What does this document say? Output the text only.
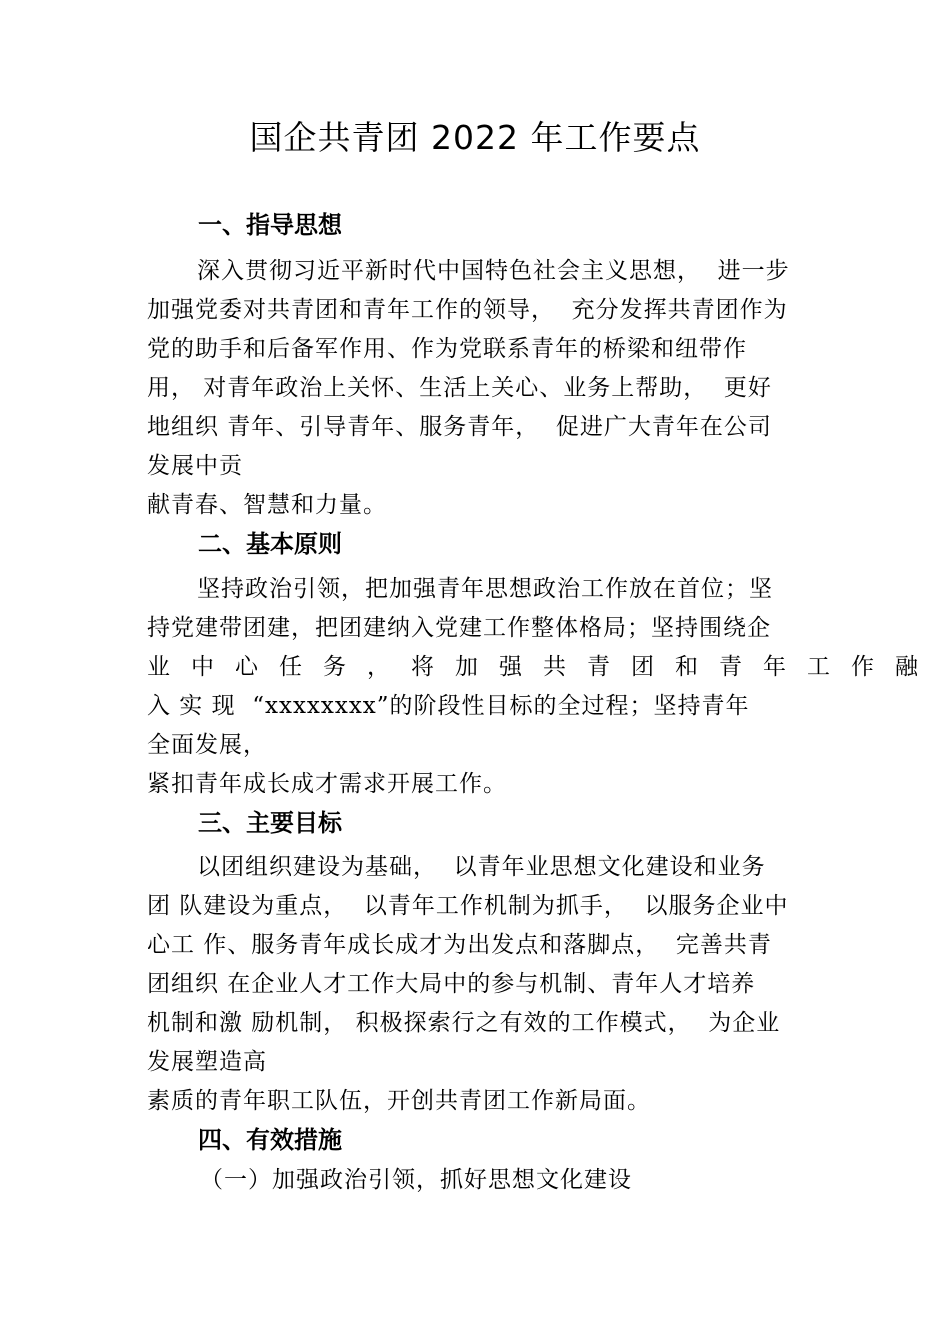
国企共青团 2022 年工作要点
一、指导思想
深入贯彻习近平新时代中国特色社会主义思想，  进一步
加强党委对共青团和青年工作的领导，  充分发挥共青团作为
党的助手和后备军作用、作为党联系青年的桥梁和纽带作
用， 对青年政治上关怀、生活上关心、业务上帮助，  更好
地组织 青年、引导青年、服务青年，  促进广大青年在公司
发展中贡
献青春、智慧和力量。
二、基本原则
坚持政治引领，把加强青年思想政治工作放在首位；坚
持党建带团建，把团建纳入党建工作整体格局；坚持围绕企
业中心任务，将加强共青团和青年工作融
入 实 现  “xxxxxxxx”的阶段性目标的全过程；坚持青年
全面发展，
紧扣青年成长成才需求开展工作。
三、主要目标
以团组织建设为基础，  以青年业思想文化建设和业务
团 队建设为重点，  以青年工作机制为抓手，  以服务企业中
心工 作、服务青年成长成才为出发点和落脚点，  完善共青
团组织 在企业人才工作大局中的参与机制、青年人才培养
机制和激 励机制， 积极探索行之有效的工作模式，  为企业
发展塑造高
素质的青年职工队伍，开创共青团工作新局面。
四、有效措施
（一）加强政治引领，抓好思想文化建设
